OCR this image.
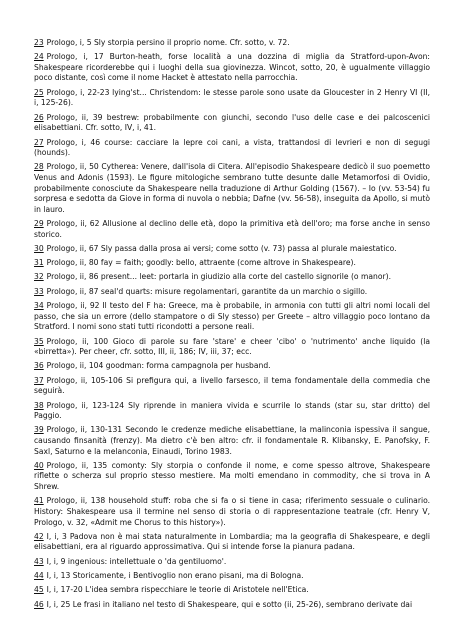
23 Prologo, i, 5 Sly storpia persino il proprio nome. Cfr. sotto, v. 72.

24 Prologo, i, 17 Burton-heath, forse località a una dozzina di miglia da Stratford-upon-Avon: Shakespeare ricorderebbe qui i luoghi della sua giovinezza. Wincot, sotto, 20, è ugualmente villaggio poco distante, così come il nome Hacket è attestato nella parrocchia.

25 Prologo, i, 22-23 lying'st... Christendom: le stesse parole sono usate da Gloucester in 2 Henry VI (II, i, 125-26).

26 Prologo, ii, 39 bestrew: probabilmente con giunchi, secondo l'uso delle case e dei palcoscenici elisabettiani. Cfr. sotto, IV, i, 41.

27 Prologo, i, 46 course: cacciare la lepre coi cani, a vista, trattandosi di levrieri e non di segugi (hounds).

28 Prologo, ii, 50 Cytherea: Venere, dall'isola di Citera. All'episodio Shakespeare dedicò il suo poemetto Venus and Adonis (1593). Le figure mitologiche sembrano tutte desunte dalle Metamorfosi di Ovidio, probabilmente conosciute da Shakespeare nella traduzione di Arthur Golding (1567). – Io (vv. 53-54) fu sorpresa e sedotta da Giove in forma di nuvola o nebbia; Dafne (vv. 56-58), inseguita da Apollo, si mutò in lauro.

29 Prologo, ii, 62 Allusione al declino delle età, dopo la primitiva età dell'oro; ma forse anche in senso storico.

30 Prologo, ii, 67 Sly passa dalla prosa ai versi; come sotto (v. 73) passa al plurale maiestatico.

31 Prologo, ii, 80 fay = faith; goodly: bello, attraente (come altrove in Shakespeare).

32 Prologo, ii, 86 present... leet: portarla in giudizio alla corte del castello signorile (o manor).

33 Prologo, ii, 87 seal'd quarts: misure regolamentari, garantite da un marchio o sigillo.

34 Prologo, ii, 92 Il testo del F ha: Greece, ma è probabile, in armonia con tutti gli altri nomi locali del passo, che sia un errore (dello stampatore o di Sly stesso) per Greete – altro villaggio poco lontano da Stratford. I nomi sono stati tutti ricondotti a persone reali.

35 Prologo, ii, 100 Gioco di parole su fare 'stare' e cheer 'cibo' o 'nutrimento' anche liquido (la «birretta»). Per cheer, cfr. sotto, III, ii, 186; IV, iii, 37; ecc.

36 Prologo, ii, 104 goodman: forma campagnola per husband.

37 Prologo, ii, 105-106 Si prefigura qui, a livello farsesco, il tema fondamentale della commedia che seguirà.

38 Prologo, ii, 123-124 Sly riprende in maniera vivida e scurrile lo stands (star su, star dritto) del Paggio.

39 Prologo, ii, 130-131 Secondo le credenze mediche elisabettiane, la malinconia ispessiva il sangue, causando finsanità (frenzy). Ma dietro c'è ben altro: cfr. il fondamentale R. Klibansky, E. Panofsky, F. Saxl, Saturno e la melanconia, Einaudi, Torino 1983.

40 Prologo, ii, 135 comonty: Sly storpia o confonde il nome, e come spesso altrove, Shakespeare riflette o scherza sul proprio stesso mestiere. Ma molti emendano in commodity, che si trova in A Shrew.

41 Prologo, ii, 138 household stuff: roba che si fa o si tiene in casa; riferimento sessuale o culinario. History: Shakespeare usa il termine nel senso di storia o di rappresentazione teatrale (cfr. Henry V, Prologo, v. 32, «Admit me Chorus to this history»).

42 I, i, 3 Padova non è mai stata naturalmente in Lombardia; ma la geografia di Shakespeare, e degli elisabettiani, era al riguardo approssimativa. Qui si intende forse la pianura padana.

43 I, i, 9 ingenious: intellettuale o 'da gentiluomo'.

44 I, i, 13 Storicamente, i Bentivoglio non erano pisani, ma di Bologna.

45 I, i, 17-20 L'idea sembra rispecchiare le teorie di Aristotele nell'Etica.

46 I, i, 25 Le frasi in italiano nel testo di Shakespeare, qui e sotto (ii, 25-26), sembrano derivate dai
